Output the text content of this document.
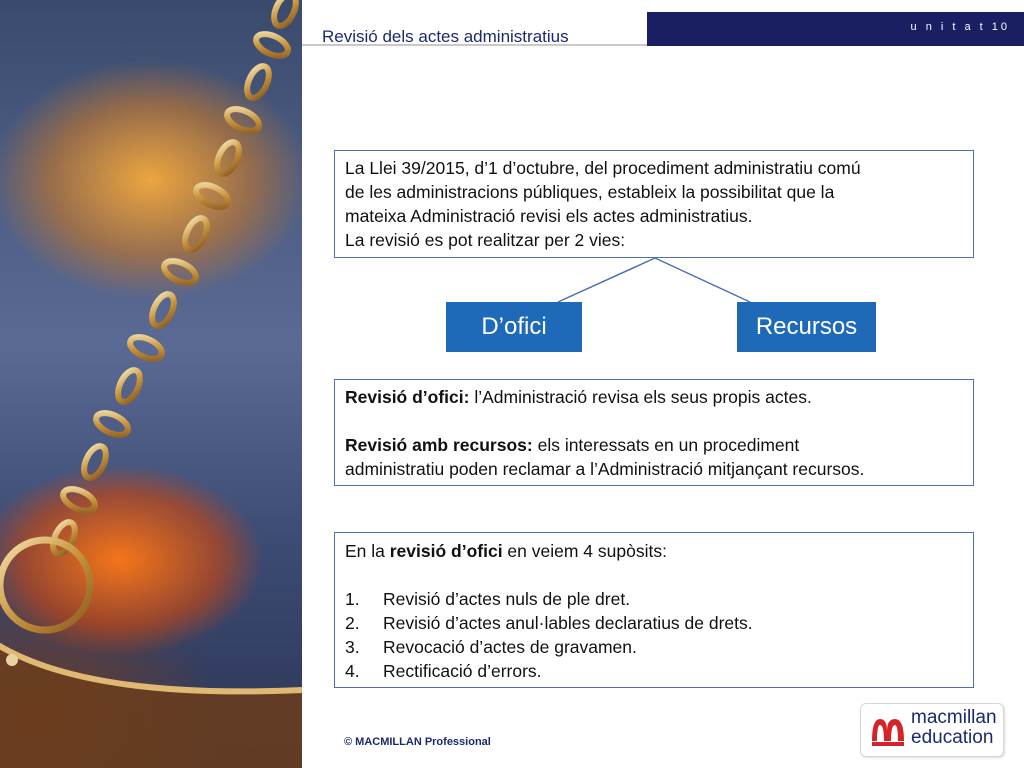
Revisió dels actes administratius	u n i t a t 10

La Llei 39/2015, d’1 d’octubre, del procediment administratiu comú

de les administracions públiques, estableix la possibilitat que la

mateixa Administració revisi els actes administratius.

La revisió es pot realitzar per 2 vies:

D’ofici	Recursos

Revisió d’ofici: l’Administració revisa els seus propis actes.

Revisió amb recursos: els interessats en un procediment

administratiu poden reclamar a l’Administració mitjançant recursos.

En la revisió d’ofici en veiem 4 supòsits:

1.	Revisió d’actes nuls de ple dret.
2.	Revisió d’actes anul·lables declaratius de drets.
3.	Revocació d’actes de gravamen.
4.	Rectificació d’errors.
© MACMILLAN Professional
macmillan
education
